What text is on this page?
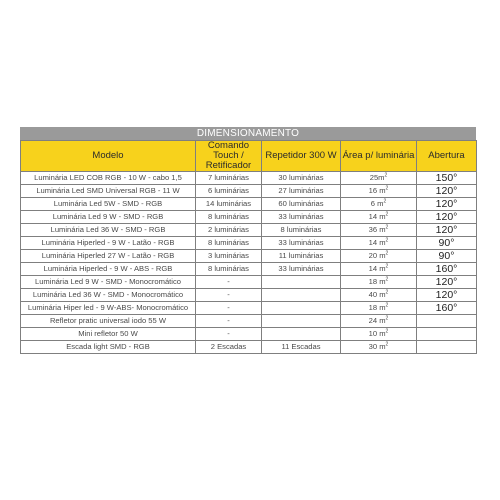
DIMENSIONAMENTO
Modelo	Comando Touch / Retificador	Repetidor 300 W	Área p/ luminária	Abertura
Luminária LED COB RGB - 10 W - cabo 1,5	7 luminárias	30 luminárias	$25m^2$	150°
Luminária Led SMD Universal RGB - 11 W	6 luminárias	27 luminárias	16 $m^2$	120°
Luminária Led 5W - SMD - RGB	14 luminárias	60 luminárias	6 $m^2$	120°
Luminária Led 9 W - SMD - RGB	8 luminárias	33 luminárias	14 $m^2$	120°
Luminária Led 36 W - SMD - RGB	2 luminárias	8 luminárias	36 $m^2$	120°
Luminária Hiperled - 9 W - Latão - RGB	8 luminárias	33 luminárias	14 $m^2$	90°
Luminária Hiperled 27 W - Latão - RGB	3 luminárias	11 luminárias	20 $m^2$	90°
Luminária Hiperled - 9 W - ABS - RGB	8 luminárias	33 luminárias	14 $m^2$	160°
Luminária Led 9 W - SMD - Monocromático	-		18 $m^2$	120°
Luminária Led 36 W - SMD - Monocromático	-		40 $m^2$	120°
Luminária Hiper led - 9 W-ABS- Monocromático	-		18 $m^2$	160°
Refletor pratic universal iodo 55 W	-		24 $m^2$	
Mini refletor 50 W	-		10 $m^2$	
Escada light SMD - RGB	2 Escadas	11 Escadas	30 $m^2$	
